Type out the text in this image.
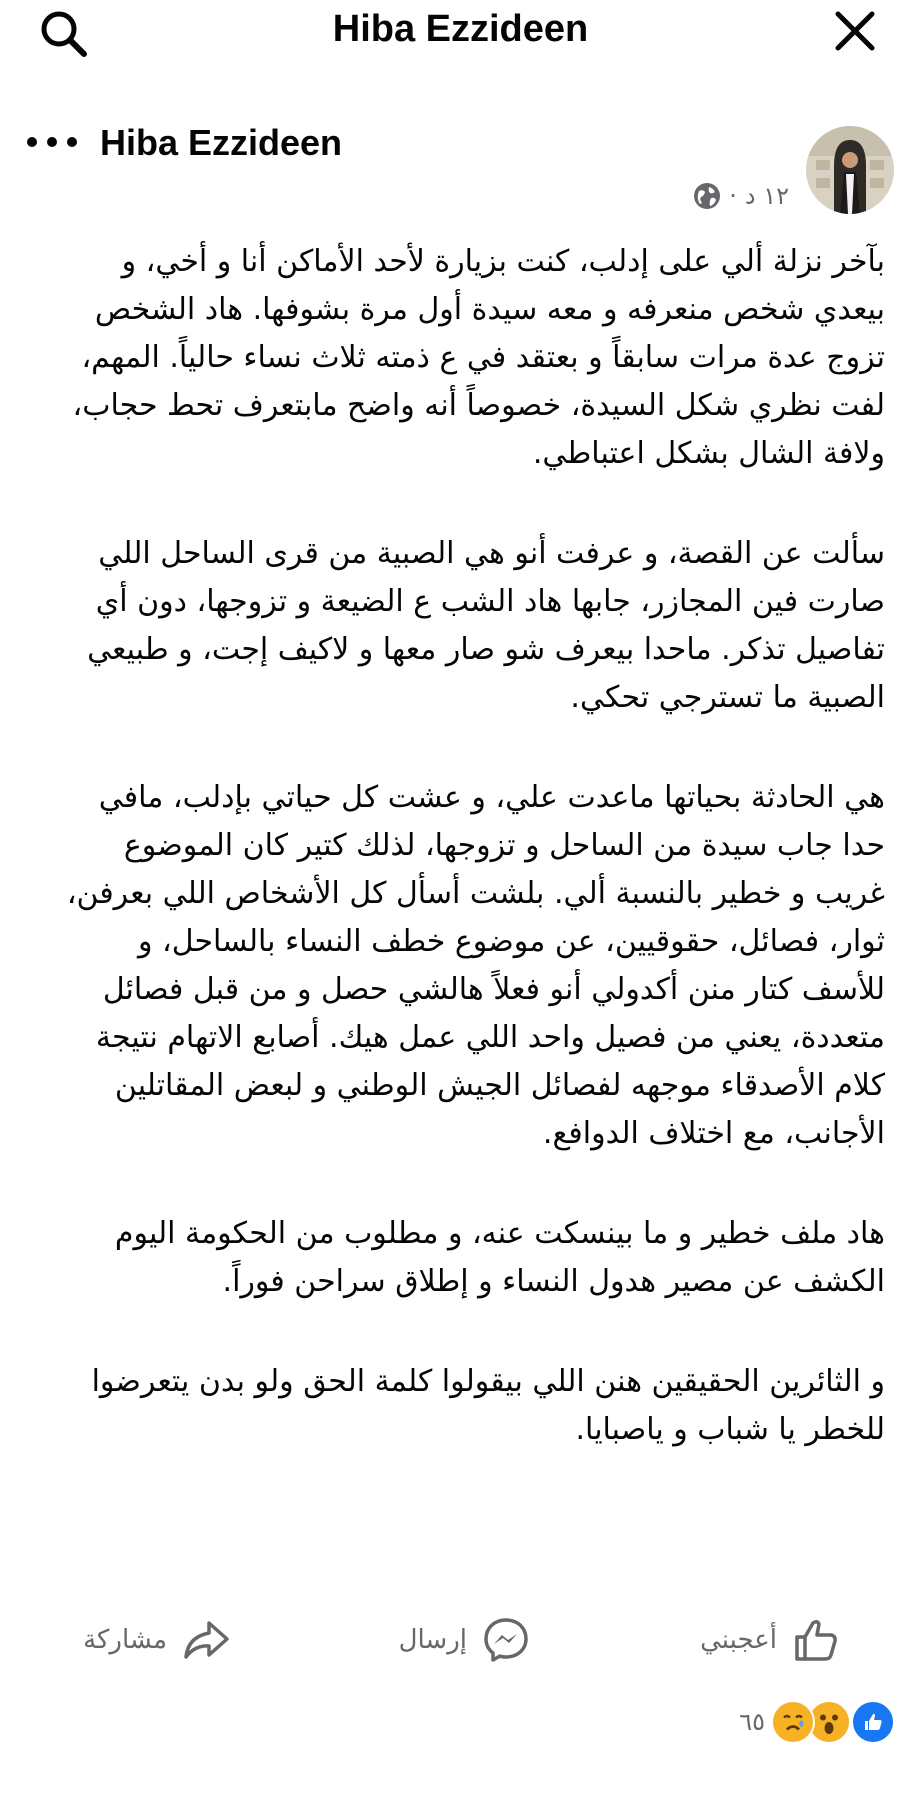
Hiba Ezzideen
Hiba Ezzideen
١٢ د
·

بآخر نزلة ألي على إدلب، كنت بزيارة لأحد الأماكن أنا و أخي، و بيعدي شخص منعرفه و معه سيدة أول مرة بشوفها. هاد الشخص تزوج عدة مرات سابقاً و بعتقد في ع ذمته ثلاث نساء حالياً. المهم، لفت نظري شكل السيدة، خصوصاً أنه واضح مابتعرف تحط حجاب، ولافة الشال بشكل اعتباطي.

سألت عن القصة، و عرفت أنو هي الصبية من قرى الساحل اللي صارت فين المجازر، جابها هاد الشب ع الضيعة و تزوجها، دون أي تفاصيل تذكر. ماحدا بيعرف شو صار معها و لاكيف إجت، و طبيعي الصبية ما تسترجي تحكي.

هي الحادثة بحياتها ماعدت علي، و عشت كل حياتي بإدلب، مافي حدا جاب سيدة من الساحل و تزوجها، لذلك كتير كان الموضوع غريب و خطير بالنسبة ألي. بلشت أسأل كل الأشخاص اللي بعرفن، ثوار، فصائل، حقوقيين، عن موضوع خطف النساء بالساحل، و للأسف كتار منن أكدولي أنو فعلاً هالشي حصل و من قبل فصائل متعددة، يعني من فصيل واحد اللي عمل هيك. أصابع الاتهام نتيجة كلام الأصدقاء موجهه لفصائل الجيش الوطني و لبعض المقاتلين الأجانب، مع اختلاف الدوافع.

هاد ملف خطير و ما بينسكت عنه، و مطلوب من الحكومة اليوم الكشف عن مصير هدول النساء و إطلاق سراحن فوراً.

و الثائرين الحقيقين هنن اللي بيقولوا كلمة الحق ولو بدن يتعرضوا للخطر يا شباب و ياصبايا.

أعجبني
إرسال
مشاركة
٦٥
